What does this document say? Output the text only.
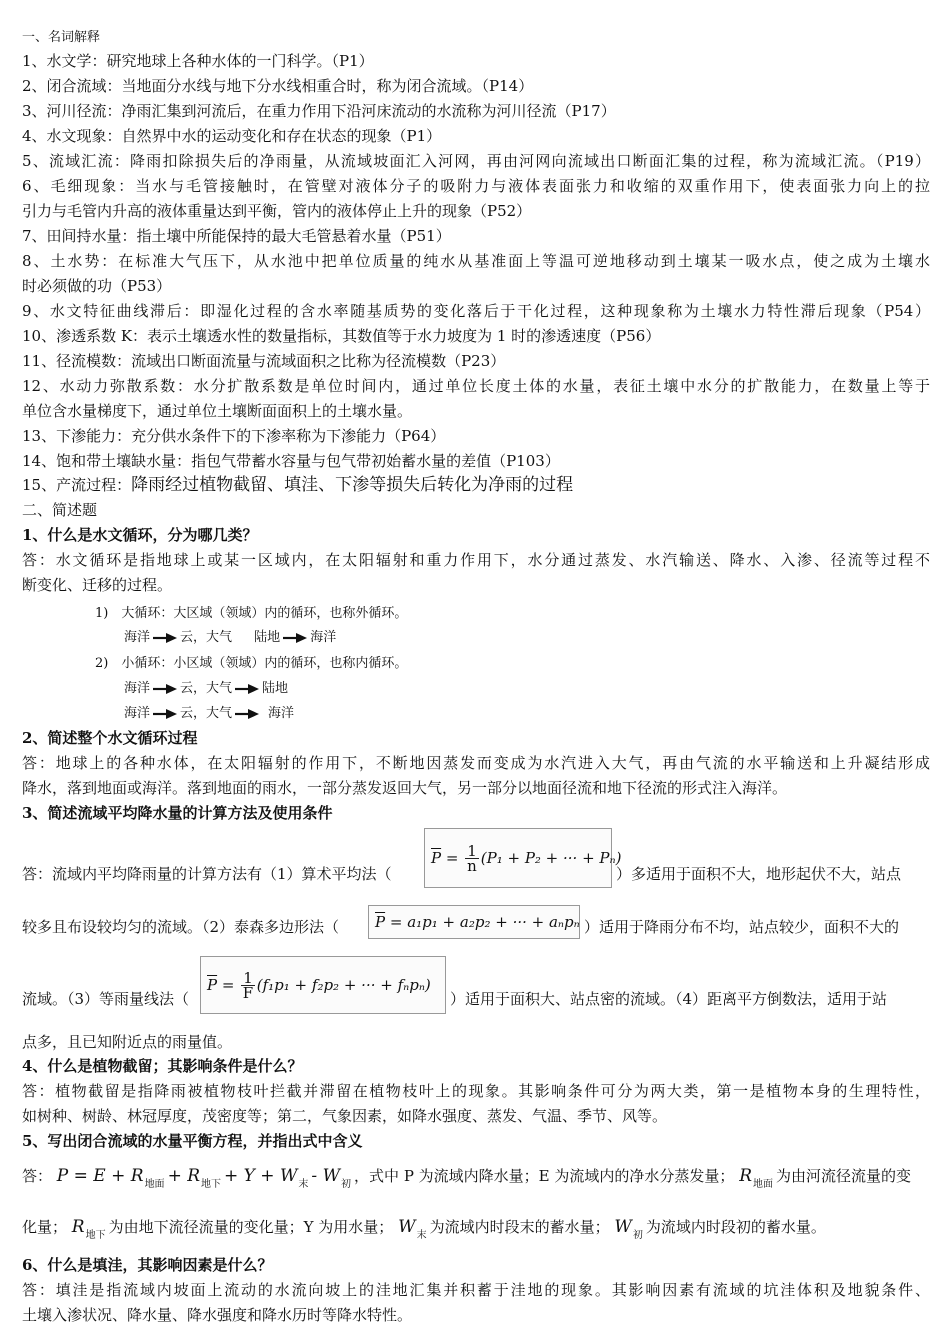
一、名词解释
1、水文学：研究地球上各种水体的一门科学。（P1）
2、闭合流域：当地面分水线与地下分水线相重合时，称为闭合流域。（P14）
3、河川径流：净雨汇集到河流后，在重力作用下沿河床流动的水流称为河川径流（P17）
4、水文现象：自然界中水的运动变化和存在状态的现象（P1）
5、流域汇流：降雨扣除损失后的净雨量，从流域坡面汇入河网，再由河网向流域出口断面汇集的过程，称为流域汇流。（P19）
6、毛细现象：当水与毛管接触时，在管壁对液体分子的吸附力与液体表面张力和收缩的双重作用下，使表面张力向上的拉
引力与毛管内升高的液体重量达到平衡，管内的液体停止上升的现象（P52）
7、田间持水量：指土壤中所能保持的最大毛管悬着水量（P51）
8、土水势：在标准大气压下，从水池中把单位质量的纯水从基准面上等温可逆地移动到土壤某一吸水点，使之成为土壤水
时必须做的功（P53）
9、水文特征曲线滞后：即湿化过程的含水率随基质势的变化落后于干化过程，这种现象称为土壤水力特性滞后现象（P54）
10、渗透系数 K：表示土壤透水性的数量指标，其数值等于水力坡度为 1 时的渗透速度（P56）
11、径流模数：流域出口断面流量与流域面积之比称为径流模数（P23）
12、水动力弥散系数：水分扩散系数是单位时间内，通过单位长度土体的水量，表征土壤中水分的扩散能力，在数量上等于
单位含水量梯度下，通过单位土壤断面面积上的土壤水量。
13、下渗能力：充分供水条件下的下渗率称为下渗能力（P64）
14、饱和带土壤缺水量：指包气带蓄水容量与包气带初始蓄水量的差值（P103）
15、产流过程：降雨经过植物截留、填洼、下渗等损失后转化为净雨的过程
二、简述题
1、什么是水文循环，分为哪几类？
答：水文循环是指地球上或某一区域内，在太阳辐射和重力作用下，水分通过蒸发、水汽输送、降水、入渗、径流等过程不
断变化、迁移的过程。
1)　大循环：大区域（领域）内的循环，也称外循环。
海洋 云，大气 陆地 海洋
2)　小循环：小区域（领域）内的循环，也称内循环。
海洋 云，大气 陆地
海洋 云，大气	海洋
2、简述整个水文循环过程
答：地球上的各种水体，在太阳辐射的作用下，不断地因蒸发而变成为水汽进入大气，再由气流的水平输送和上升凝结形成
降水，落到地面或海洋。落到地面的雨水，一部分蒸发返回大气，另一部分以地面径流和地下径流的形式注入海洋。
3、简述流域平均降水量的计算方法及使用条件
答：流域内平均降雨量的计算方法有（1）算术平均法（
$\overline{P} = \frac{1}{n} (P_1 + P_2$ + ··· + Pₙ)
）多适用于面积不大，地形起伏不大，站点
较多且布设较均匀的流域。（2）泰森多边形法（ $\overline{P}$
= a₁p₁ + a₂p₂ + ··· + aₙpₙ ）适用于降雨分布不均，站点较少，面积不大的
流域。（3）等雨量线法（
$\overline{P} = \frac{1}{F} (f_1p_1 + f_2p_2$ + ··· + fₙpₙ)
）适用于面积大、站点密的流域。（4）距离平方倒数法，适用于站
点多，且已知附近点的雨量值。
4、什么是植物截留；其影响条件是什么？
答：植物截留是指降雨被植物枝叶拦截并滞留在植物枝叶上的现象。其影响条件可分为两大类，第一是植物本身的生理特性，
如树种、树龄、林冠厚度，茂密度等；第二，气象因素，如降水强度、蒸发、气温、季节、风等。
5、写出闭合流域的水量平衡方程，并指出式中含义
答： $P = E + R_{地面} + R_{地下} + Y + W_末 - W_初$ ，式中 P 为流域内降水量；E 为流域内的净水分蒸发量； $R_{地面}$ 为由河流径流量的变
化量； $R_{地下}$ 为由地下流径流量的变化量；Y 为用水量； $W_末$ 为流域内时段末的蓄水量； $W_初$ 为流域内时段初的蓄水量。
6、什么是填洼，其影响因素是什么？
答：填洼是指流域内坡面上流动的水流向坡上的洼地汇集并积蓄于洼地的现象。其影响因素有流域的坑洼体积及地貌条件、
土壤入渗状况、降水量、降水强度和降水历时等降水特性。
